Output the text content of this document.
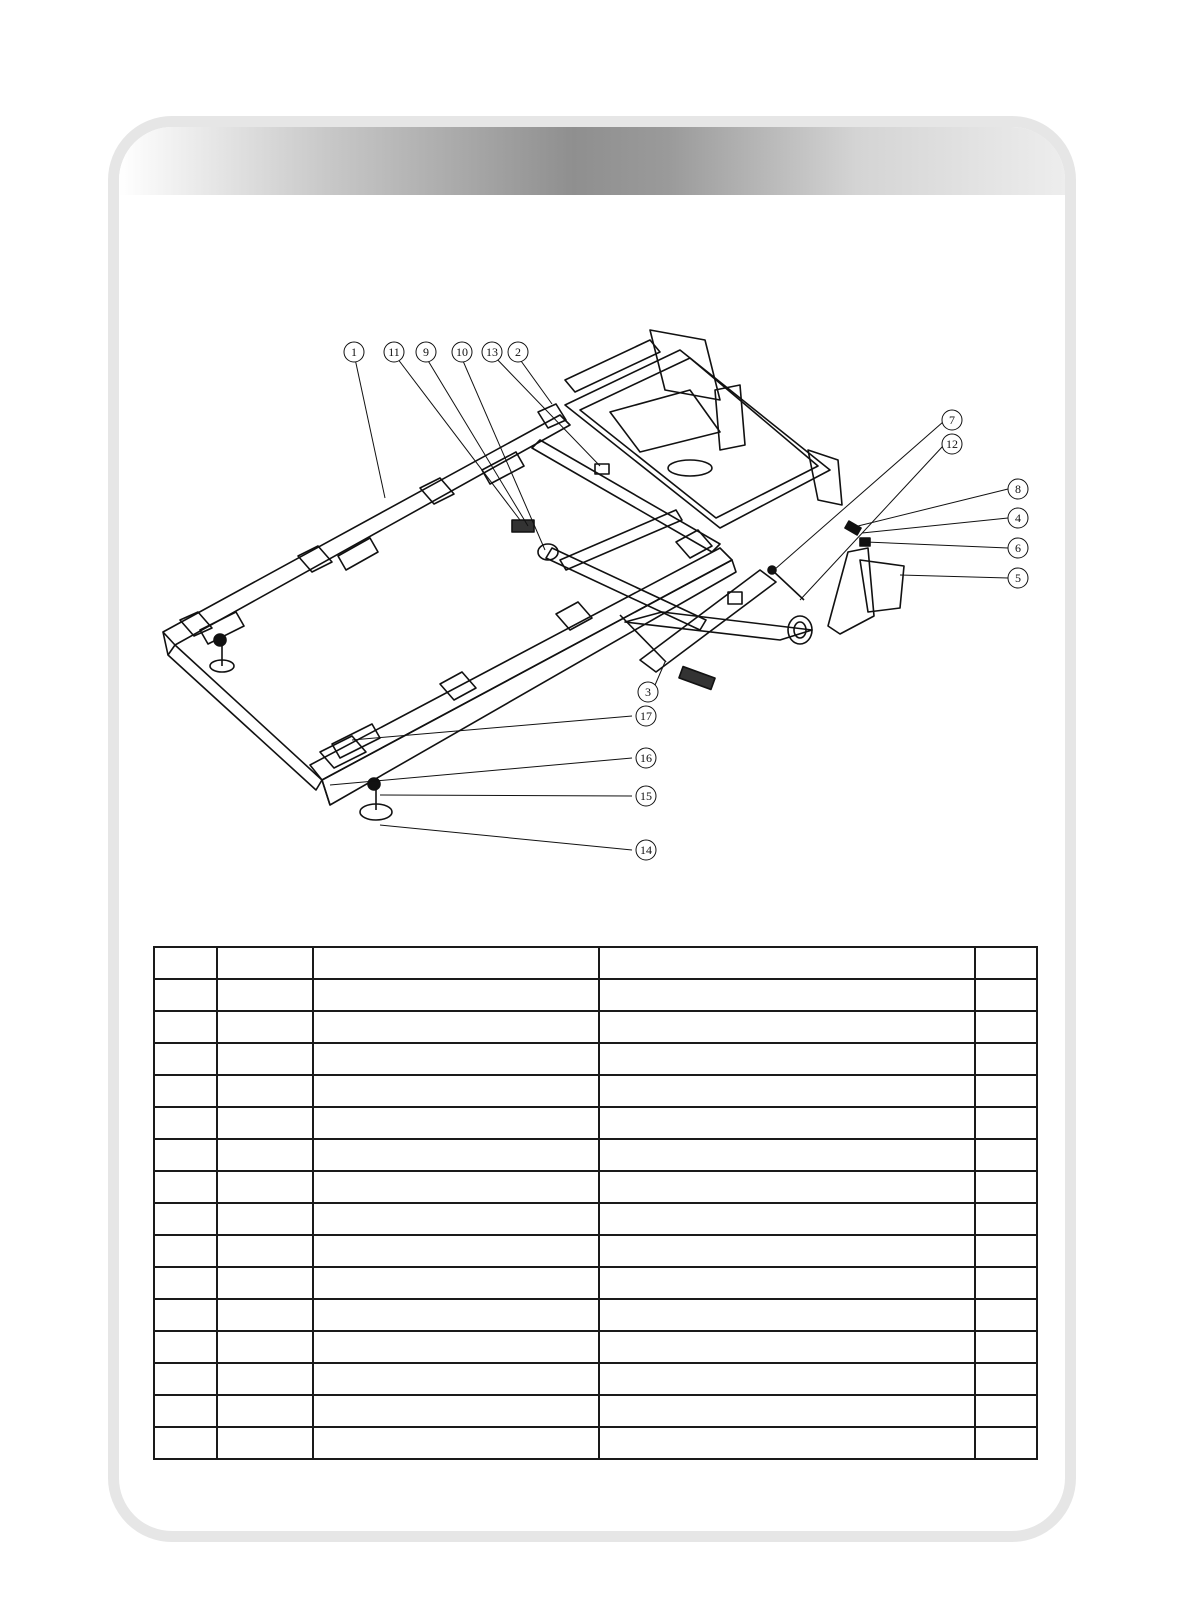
1	11 9 10 13 2
7
12
8
4
6
5
3
17
16
15
14
